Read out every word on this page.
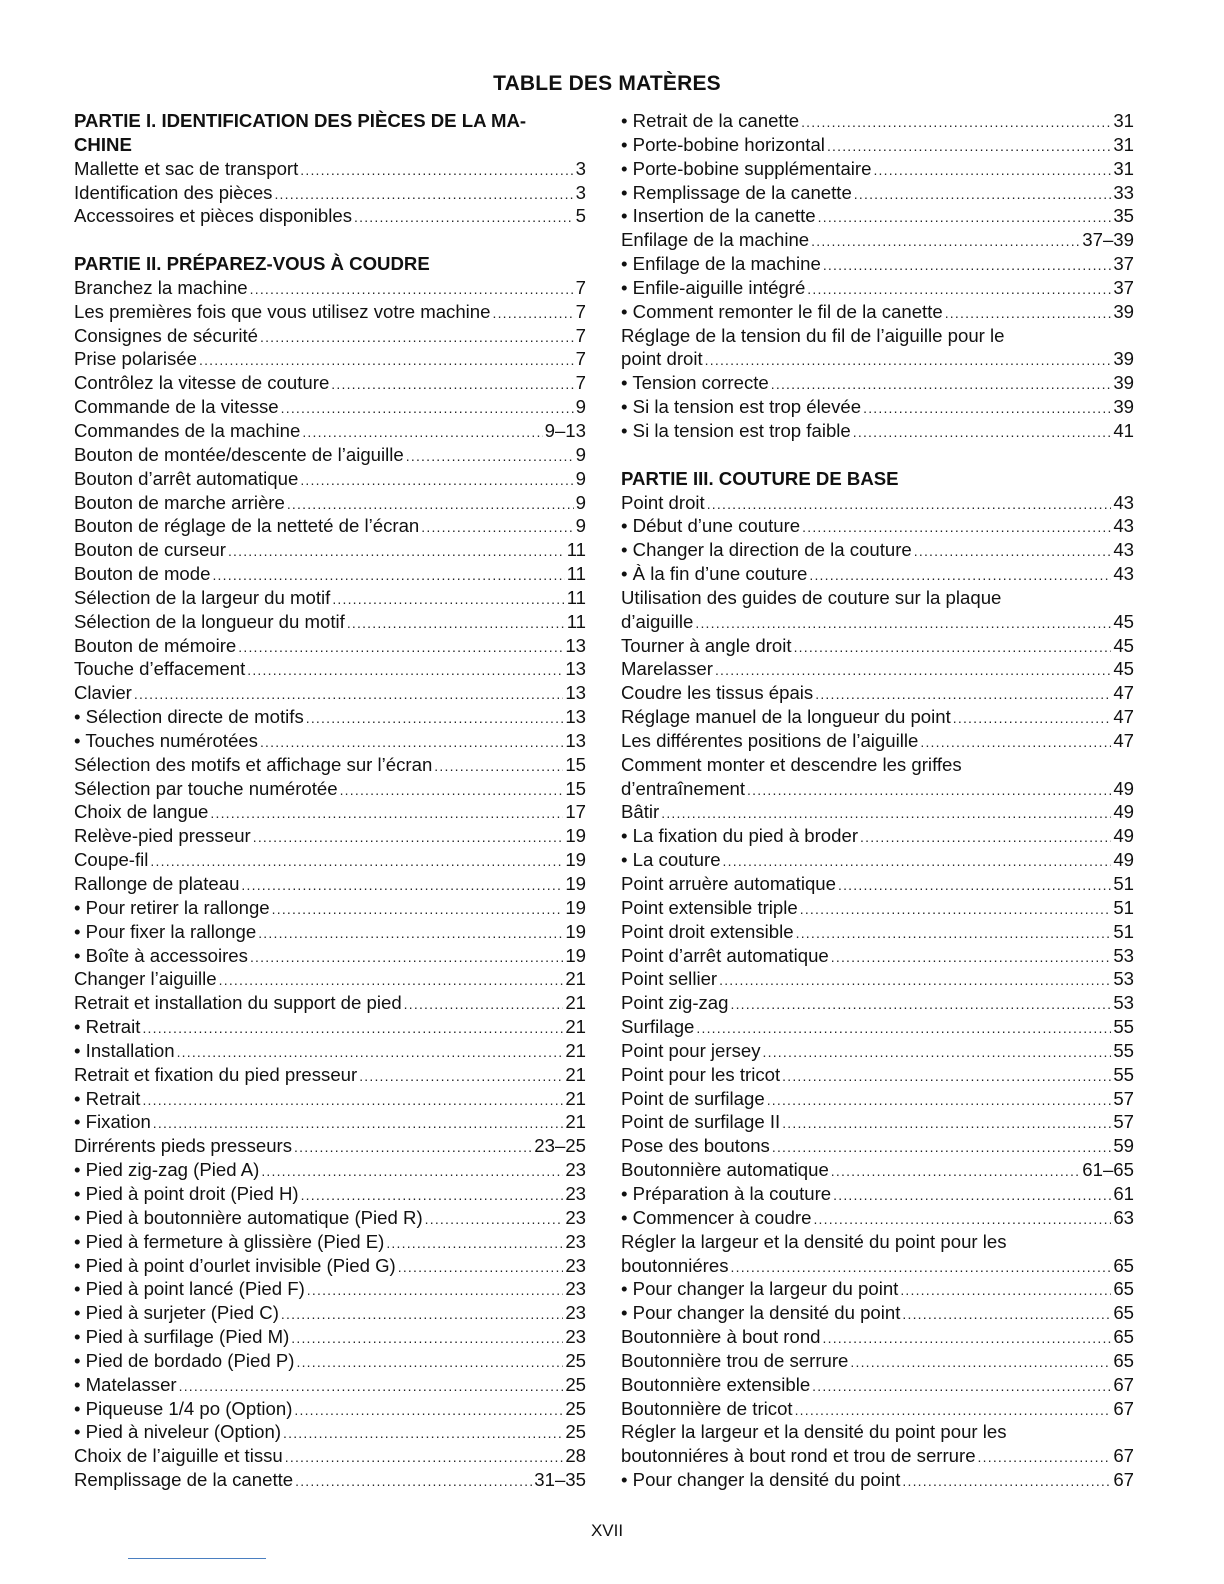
TABLE DES MATÈRES
PARTIE I. IDENTIFICATION DES PIÈCES DE LA MA-
CHINE
Mallette et sac de transport .....	3
Identification des pièces .....	3
Accessoires et pièces disponibles .....	5
PARTIE II. PRÉPAREZ-VOUS À COUDRE
Branchez la machine .....	7
Les premières fois que vous utilisez votre machine .....	7
Consignes de sécurité .....	7
Prise polarisée .....	7
Contrôlez la vitesse de couture .....	7
Commande de la vitesse .....	9
Commandes de la machine .....	9–13
Bouton de montée/descente de l’aiguille .....	9
Bouton d’arrêt automatique .....	9
Bouton de marche arrière .....	9
Bouton de réglage de la netteté de l’écran .....	9
Bouton de curseur .....	11
Bouton de mode .....	11
Sélection de la largeur du motif .....	11
Sélection de la longueur du motif .....	11
Bouton de mémoire .....	13
Touche d’effacement .....	13
Clavier .....	13
• Sélection directe de motifs .....	13
• Touches numérotées .....	13
Sélection des motifs et affichage sur l’écran .....	15
Sélection par touche numérotée .....	15
Choix de langue .....	17
Relève-pied presseur .....	19
Coupe-fil .....	19
Rallonge de plateau .....	19
• Pour retirer la rallonge .....	19
• Pour fixer la rallonge .....	19
• Boîte à accessoires .....	19
Changer l’aiguille .....	21
Retrait et installation du support de pied .....	21
• Retrait .....	21
• Installation .....	21
Retrait et fixation du pied presseur .....	21
• Retrait .....	21
• Fixation .....	21
Dirrérents pieds presseurs .....	23–25
• Pied zig-zag (Pied A) .....	23
• Pied à point droit (Pied H) .....	23
• Pied à boutonnière automatique (Pied R) .....	23
• Pied à fermeture à glissière (Pied E) .....	23
• Pied à point d’ourlet invisible (Pied G) .....	23
• Pied à point lancé (Pied F) .....	23
• Pied à surjeter (Pied C) .....	23
• Pied à surfilage (Pied M) .....	23
• Pied de bordado (Pied P) .....	25
• Matelasser .....	25
• Piqueuse 1/4 po (Option) .....	25
• Pied à niveleur (Option) .....	25
Choix de l’aiguille et tissu .....	28
Remplissage de la canette .....	31–35
• Retrait de la canette .....	31
• Porte-bobine horizontal .....	31
• Porte-bobine supplémentaire .....	31
• Remplissage de la canette .....	33
• Insertion de la canette .....	35
Enfilage de la machine .....	37–39
• Enfilage de la machine .....	37
• Enfile-aiguille intégré .....	37
• Comment remonter le fil de la canette .....	39
Réglage de la tension du fil de l’aiguille pour le
point droit .....	39
• Tension correcte .....	39
• Si la tension est trop élevée .....	39
• Si la tension est trop faible .....	41
PARTIE III. COUTURE DE BASE
Point droit .....	43
• Début d’une couture .....	43
• Changer la direction de la couture .....	43
• À la fin d’une couture .....	43
Utilisation des guides de couture sur la plaque
d’aiguille .....	45
Tourner à angle droit .....	45
Marelasser .....	45
Coudre les tissus épais .....	47
Réglage manuel de la longueur du point .....	47
Les différentes positions de l’aiguille .....	47
Comment monter et descendre les griffes
d’entraînement .....	49
Bâtir .....	49
• La fixation du pied à broder .....	49
• La couture .....	49
Point arruère automatique .....	51
Point extensible triple .....	51
Point droit extensible .....	51
Point d’arrêt automatique .....	53
Point sellier .....	53
Point zig-zag .....	53
Surfilage .....	55
Point pour jersey .....	55
Point pour les tricot .....	55
Point de surfilage .....	57
Point de surfilage II .....	57
Pose des boutons .....	59
Boutonnière automatique .....	61–65
• Préparation à la couture .....	61
• Commencer à coudre .....	63
Régler la largeur et la densité du point pour les
boutonniéres .....	65
• Pour changer la largeur du point .....	65
• Pour changer la densité du point .....	65
Boutonnière à bout rond .....	65
Boutonnière trou de serrure .....	65
Boutonnière extensible .....	67
Boutonnière de tricot .....	67
Régler la largeur et la densité du point pour les
boutonniéres à bout rond et trou de serrure .....	67
• Pour changer la densité du point .....	67
XVII
